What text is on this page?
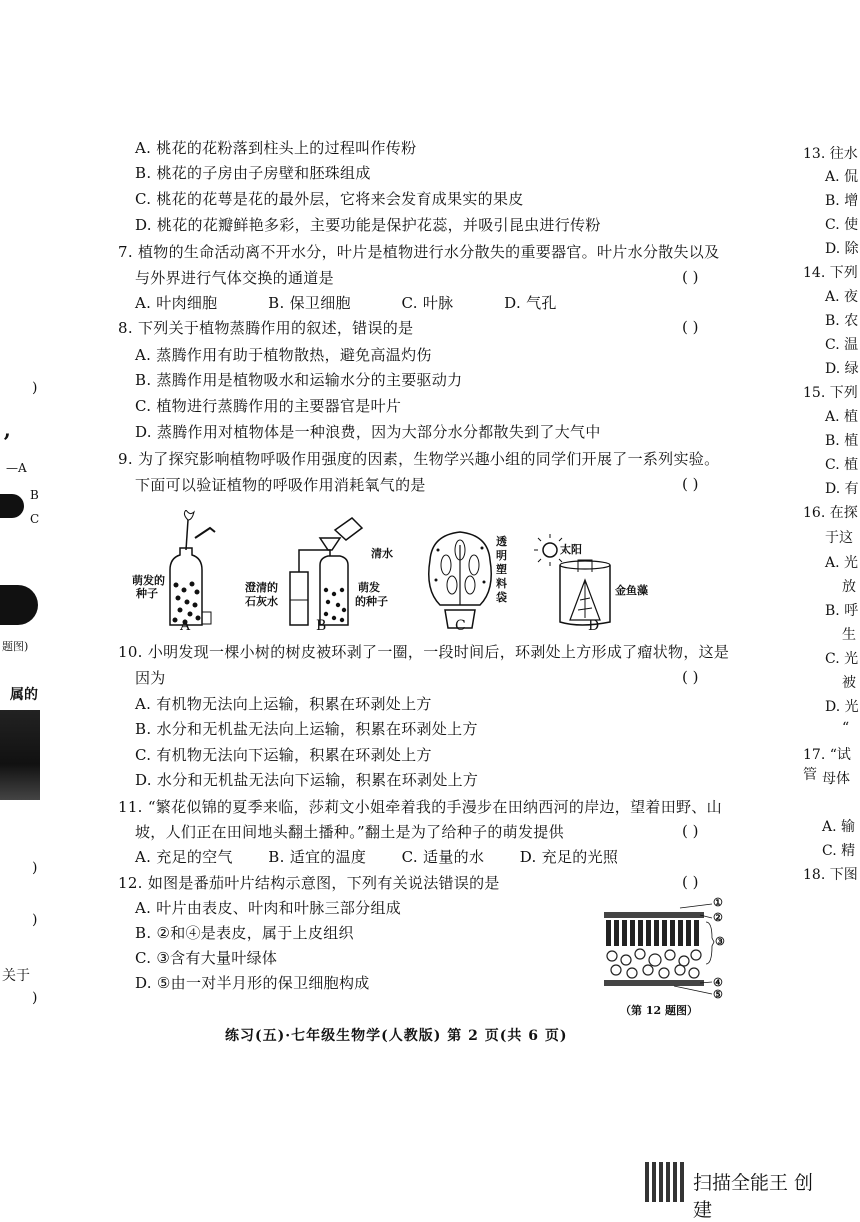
A. 桃花的花粉落到柱头上的过程叫作传粉
B. 桃花的子房由子房壁和胚珠组成
C. 桃花的花萼是花的最外层，它将来会发育成果实的果皮
D. 桃花的花瓣鲜艳多彩，主要功能是保护花蕊，并吸引昆虫进行传粉
7. 植物的生命活动离不开水分，叶片是植物进行水分散失的重要器官。叶片水分散失以及
与外界进行气体交换的通道是	( )
A. 叶肉细胞          B. 保卫细胞          C. 叶脉          D. 气孔
8. 下列关于植物蒸腾作用的叙述，错误的是	( )
A. 蒸腾作用有助于植物散热，避免高温灼伤
B. 蒸腾作用是植物吸水和运输水分的主要驱动力
C. 植物进行蒸腾作用的主要器官是叶片
D. 蒸腾作用对植物体是一种浪费，因为大部分水分都散失到了大气中
9. 为了探究影响植物呼吸作用强度的因素，生物学兴趣小组的同学们开展了一系列实验。
下面可以验证植物的呼吸作用消耗氧气的是	( )
萌发的
种子	澄清的
石灰水
萌发
的种子
清水
透
明
塑
料
袋
太阳
金鱼藻
A	B	C	D
10. 小明发现一棵小树的树皮被环剥了一圈，一段时间后，环剥处上方形成了瘤状物，这是
因为	( )
A. 有机物无法向上运输，积累在环剥处上方
B. 水分和无机盐无法向上运输，积累在环剥处上方
C. 有机物无法向下运输，积累在环剥处上方
D. 水分和无机盐无法向下运输，积累在环剥处上方
11. “繁花似锦的夏季来临，莎莉文小姐牵着我的手漫步在田纳西河的岸边，望着田野、山
坡，人们正在田间地头翻土播种。”翻土是为了给种子的萌发提供	( )
A. 充足的空气       B. 适宜的温度       C. 适量的水       D. 充足的光照
12. 如图是番茄叶片结构示意图，下列有关说法错误的是	( )
A. 叶片由表皮、叶肉和叶脉三部分组成
B. ②和④是表皮，属于上皮组织
C. ③含有大量叶绿体
D. ⑤由一对半月形的保卫细胞构成
①
②
③
④
⑤
（第 12 题图）
练习(五)·七年级生物学(人教版) 第 2 页(共 6 页)
扫描全能王 创建
)
’
—A
B
C
题图)
属的
)
)
关于
)
13. 往水
A. 侃
B. 增
C. 使
D. 除
14. 下列
A. 夜
B. 农
C. 温
D. 绿
15. 下列
A. 植
B. 植
C. 植
D. 有
16. 在探
于这
A. 光
放
B. 呼
生
C. 光
被
D. 光
“
17. “试管 母体
A. 输
C. 精
18. 下图
